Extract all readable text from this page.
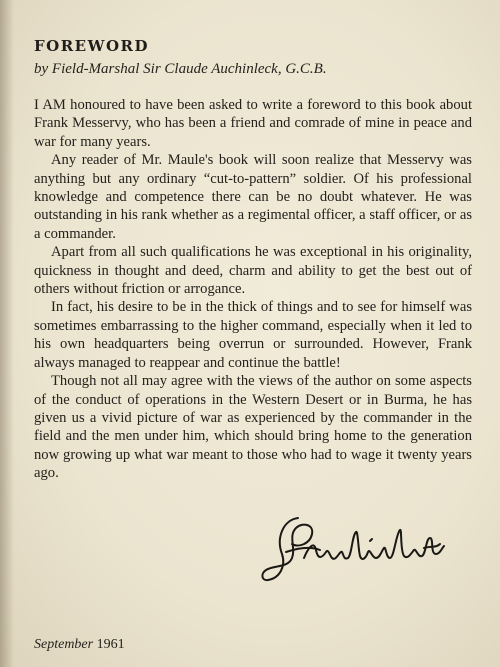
FOREWORD
by Field-Marshal Sir Claude Auchinleck, G.C.B.

I AM honoured to have been asked to write a foreword to this book about Frank Messervy, who has been a friend and comrade of mine in peace and war for many years.

Any reader of Mr. Maule's book will soon realize that Messervy was anything but any ordinary “cut-to-pattern” soldier. Of his professional knowledge and competence there can be no doubt whatever. He was outstanding in his rank whether as a regimental officer, a staff officer, or as a commander.

Apart from all such qualifications he was exceptional in his originality, quickness in thought and deed, charm and ability to get the best out of others without friction or arrogance.

In fact, his desire to be in the thick of things and to see for himself was sometimes embarrassing to the higher command, especially when it led to his own headquarters being overrun or surrounded. However, Frank always managed to reappear and continue the battle!

Though not all may agree with the views of the author on some aspects of the conduct of operations in the Western Desert or in Burma, he has given us a vivid picture of war as experienced by the commander in the field and the men under him, which should bring home to the generation now growing up what war meant to those who had to wage it twenty years ago.

September 1961
